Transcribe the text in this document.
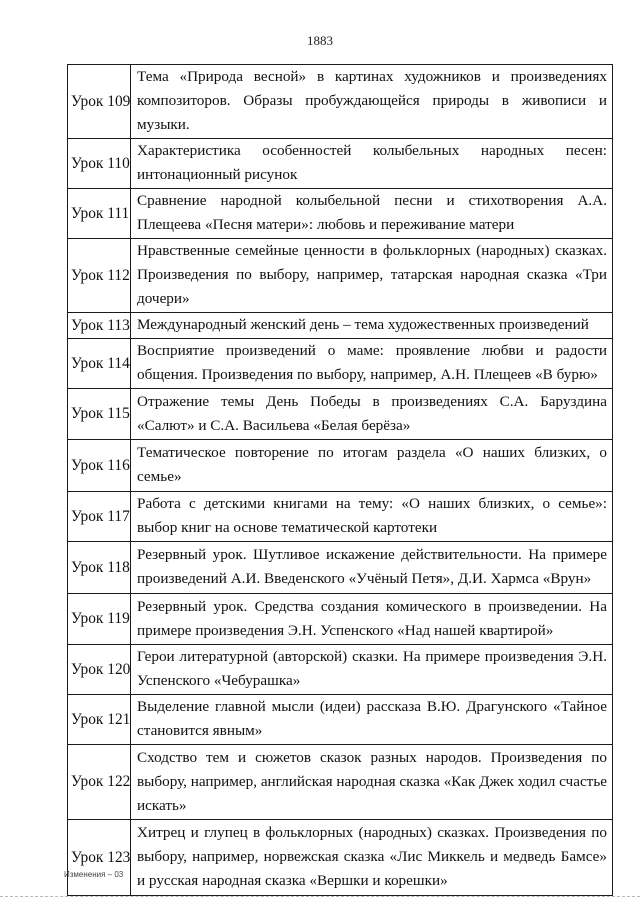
1883
Урок 109	Тема «Природа весной» в картинах художников и произведениях композиторов. Образы пробуждающейся природы в живописи и музыки.
Урок 110	Характеристика особенностей колыбельных народных песен: интонационный рисунок
Урок 111	Сравнение народной колыбельной песни и стихотворения А.А. Плещеева «Песня матери»: любовь и переживание матери
Урок 112	Нравственные семейные ценности в фольклорных (народных) сказках. Произведения по выбору, например, татарская народная сказка «Три дочери»
Урок 113	Международный женский день – тема художественных произведений
Урок 114	Восприятие произведений о маме: проявление любви и радости общения. Произведения по выбору, например, А.Н. Плещеев «В бурю»
Урок 115	Отражение темы День Победы в произведениях С.А. Баруздина «Салют» и С.А. Васильева «Белая берёза»
Урок 116	Тематическое повторение по итогам раздела «О наших близких, о семье»
Урок 117	Работа с детскими книгами на тему: «О наших близких, о семье»: выбор книг на основе тематической картотеки
Урок 118	Резервный урок. Шутливое искажение действительности. На примере произведений А.И. Введенского «Учёный Петя», Д.И. Хармса «Врун»
Урок 119	Резервный урок. Средства создания комического в произведении. На примере произведения Э.Н. Успенского «Над нашей квартирой»
Урок 120	Герои литературной (авторской) сказки. На примере произведения Э.Н. Успенского «Чебурашка»
Урок 121	Выделение главной мысли (идеи) рассказа В.Ю. Драгунского «Тайное становится явным»
Урок 122	Сходство тем и сюжетов сказок разных народов. Произведения по выбору, например, английская народная сказка «Как Джек ходил счастье искать»
Урок 123	Хитрец и глупец в фольклорных (народных) сказках. Произведения по выбору, например, норвежская сказка «Лис Миккель и медведь Бамсе» и русская народная сказка «Вершки и корешки»
Изменения – 03
